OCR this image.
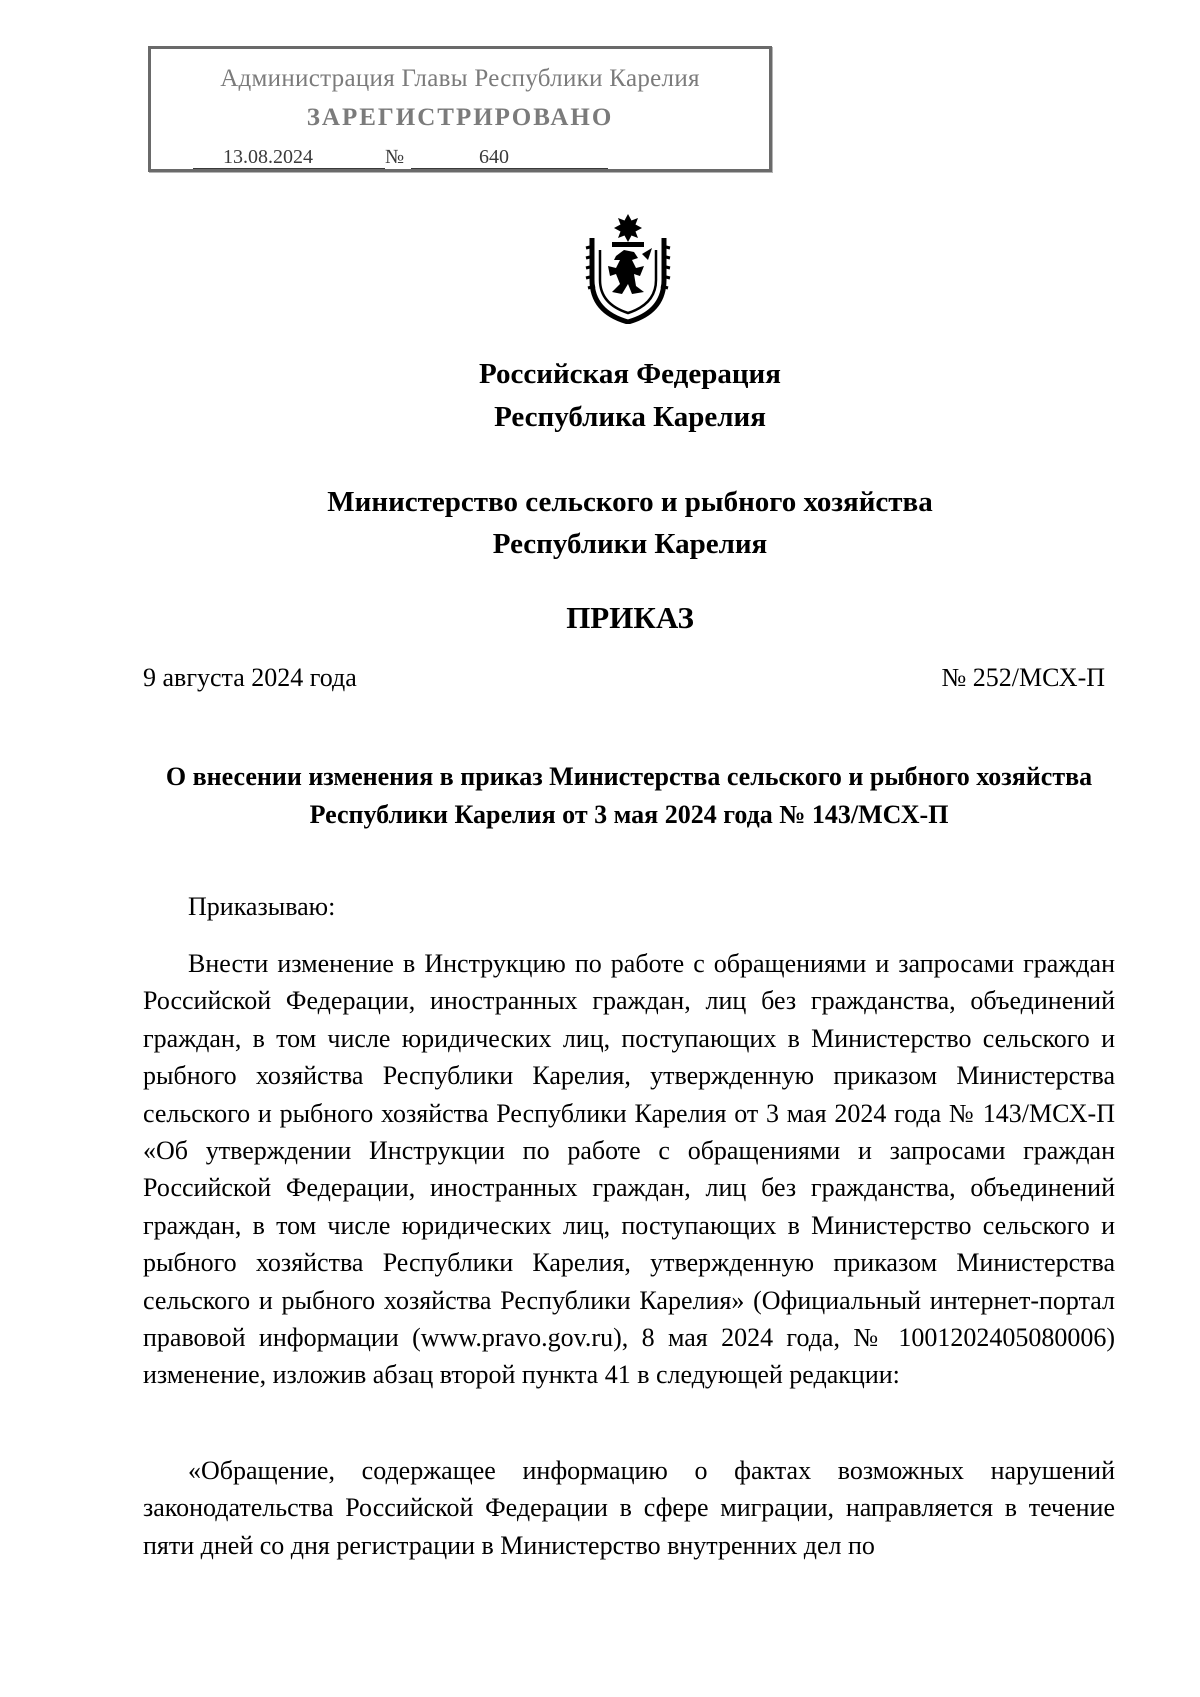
Администрация Главы Республики Карелия
ЗАРЕГИСТРИРОВАНО
13.08.2024	№	640
Российская Федерация
Республика Карелия
Министерство сельского и рыбного хозяйства
Республики Карелия
ПРИКАЗ
9 августа 2024 года	№ 252/МСХ-П
О внесении изменения в приказ Министерства сельского и рыбного хозяйства Республики Карелия от 3 мая 2024 года № 143/МСХ-П
Приказываю:
Внести изменение в Инструкцию по работе с обращениями и запросами граждан Российской Федерации, иностранных граждан, лиц без гражданства, объединений граждан, в том числе юридических лиц, поступающих в Министерство сельского и рыбного хозяйства Республики Карелия, утвержденную приказом Министерства сельского и рыбного хозяйства Республики Карелия от 3 мая 2024 года № 143/МСХ-П «Об утверждении Инструкции по работе с обращениями и запросами граждан Российской Федерации, иностранных граждан, лиц без гражданства, объединений граждан, в том числе юридических лиц, поступающих в Министерство сельского и рыбного хозяйства Республики Карелия, утвержденную приказом Министерства сельского и рыбного хозяйства Республики Карелия» (Официальный интернет-портал правовой информации (www.pravo.gov.ru), 8 мая 2024 года, № 1001202405080006) изменение, изложив абзац второй пункта 41 в следующей редакции:
«Обращение, содержащее информацию о фактах возможных нарушений законодательства Российской Федерации в сфере миграции, направляется в течение пяти дней со дня регистрации в Министерство внутренних дел по
